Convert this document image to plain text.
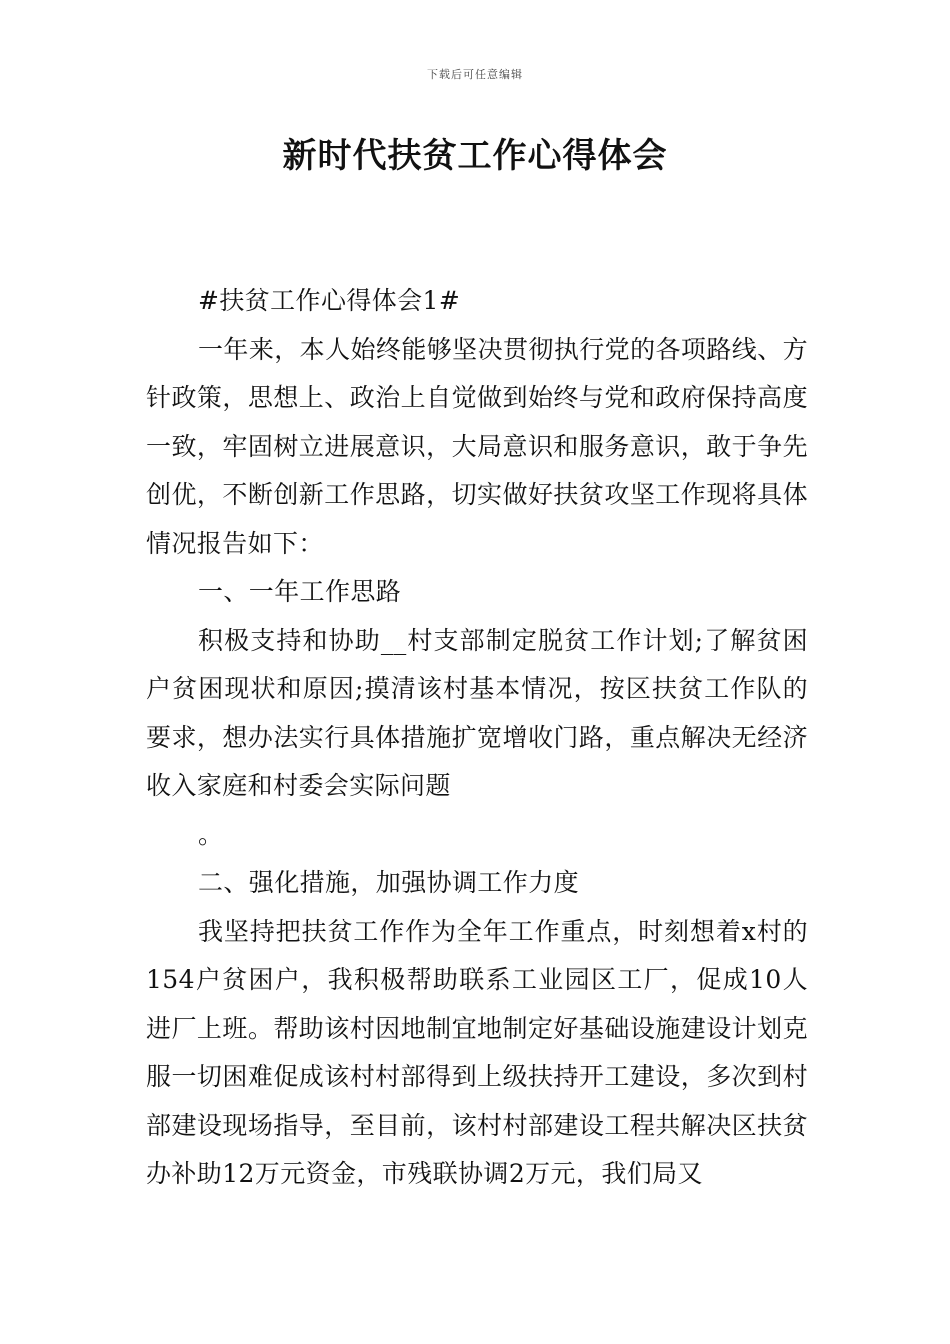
下载后可任意编辑
新时代扶贫工作心得体会

#扶贫工作心得体会1#

一年来，本人始终能够坚决贯彻执行党的各项路线、方针政策，思想上、政治上自觉做到始终与党和政府保持高度一致，牢固树立进展意识，大局意识和服务意识，敢于争先创优，不断创新工作思路，切实做好扶贫攻坚工作现将具体情况报告如下：

一、一年工作思路

积极支持和协助__村支部制定脱贫工作计划;了解贫困户贫困现状和原因;摸清该村基本情况，按区扶贫工作队的要求，想办法实行具体措施扩宽增收门路，重点解决无经济收入家庭和村委会实际问题

。

二、强化措施，加强协调工作力度

我坚持把扶贫工作作为全年工作重点，时刻想着x村的154户贫困户，我积极帮助联系工业园区工厂，促成10人进厂上班。帮助该村因地制宜地制定好基础设施建设计划克服一切困难促成该村村部得到上级扶持开工建设，多次到村部建设现场指导，至目前，该村村部建设工程共解决区扶贫办补助12万元资金，市残联协调2万元，我们局又
